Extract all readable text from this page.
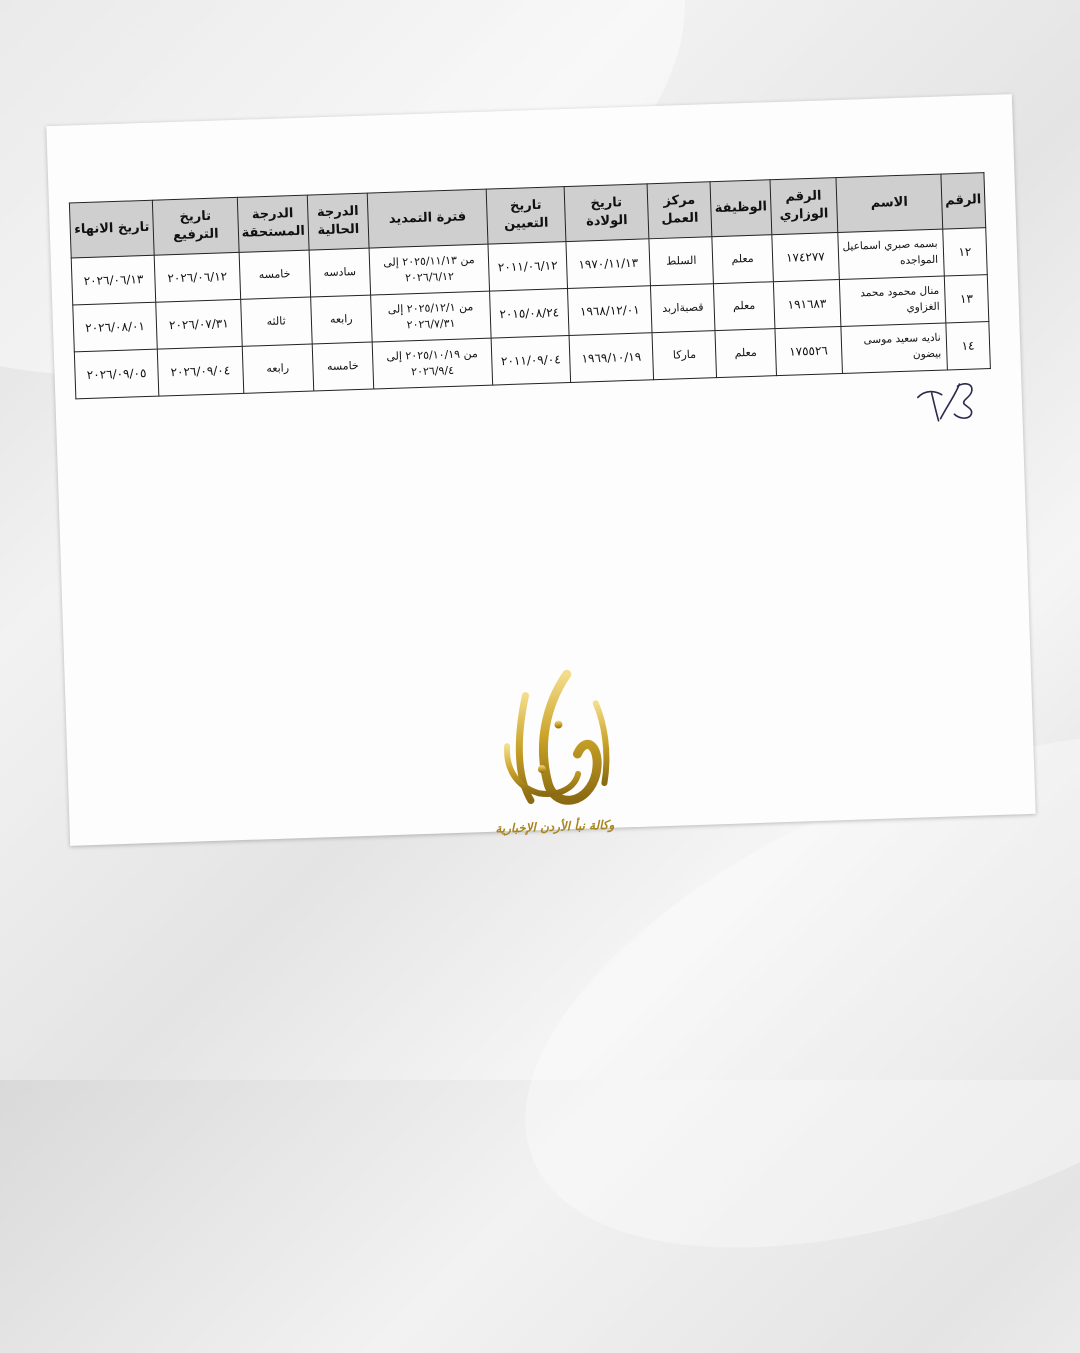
الرقم	الاسم	الرقم الوزاري	الوظيفة	مركز العمل	تاريخ الولادة	تاريخ التعيين	فترة التمديد	الدرجة الحالية	الدرجة المستحقة	تاريخ الترفيع	تاريخ الانهاء
١٢	بسمه صبري اسماعيل المواجده	١٧٤٢٧٧	معلم	السلط	١٩٧٠/١١/١٣	٢٠١١/٠٦/١٢	من ٢٠٢٥/١١/١٣ إلى ٢٠٢٦/٦/١٢	سادسه	خامسه	٢٠٢٦/٠٦/١٢	٢٠٢٦/٠٦/١٣
١٣	منال محمود محمد الغزاوي	١٩١٦٨٣	معلم	قصبةاربد	١٩٦٨/١٢/٠١	٢٠١٥/٠٨/٢٤	من ٢٠٢٥/١٢/١ إلى ٢٠٢٦/٧/٣١	رابعه	ثالثه	٢٠٢٦/٠٧/٣١	٢٠٢٦/٠٨/٠١
١٤	ناديه سعيد موسى بيضون	١٧٥٥٢٦	معلم	ماركا	١٩٦٩/١٠/١٩	٢٠١١/٠٩/٠٤	من ٢٠٢٥/١٠/١٩ إلى ٢٠٢٦/٩/٤	خامسه	رابعه	٢٠٢٦/٠٩/٠٤	٢٠٢٦/٠٩/٠٥
وكالة نبأ الأردن الإخبارية
